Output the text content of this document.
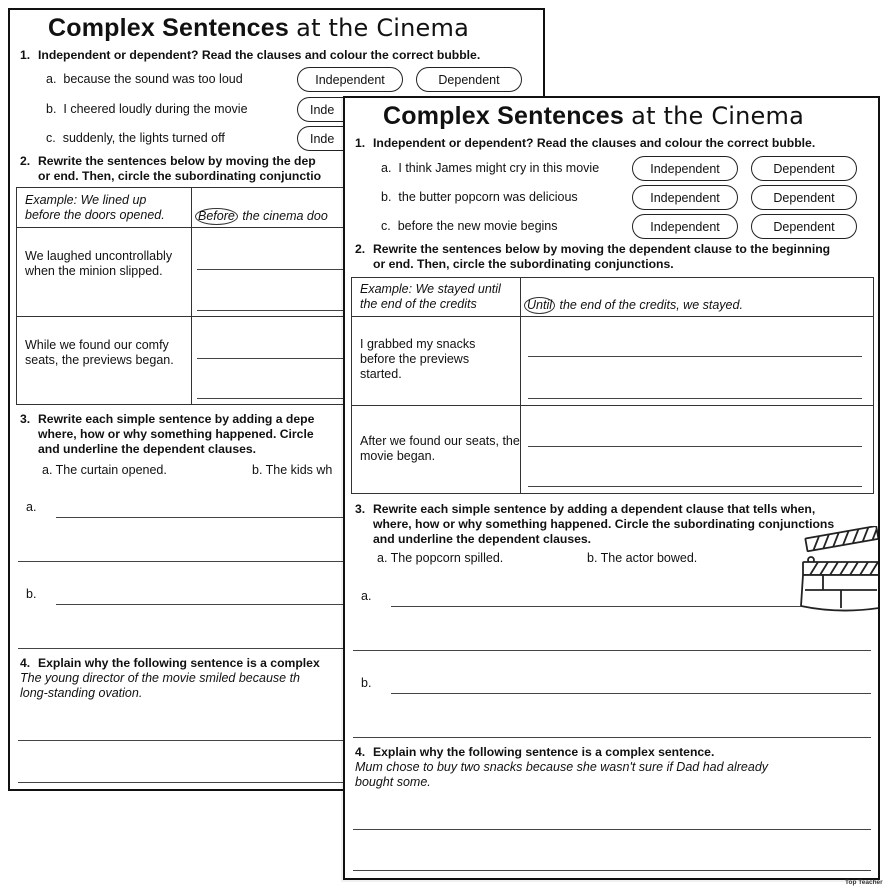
Complex Sentences at the Cinema
1. Independent or dependent? Read the clauses and colour the correct bubble.
a. because the sound was too loud	Independent	Dependent
b. I cheered loudly during the movie	Inde
c. suddenly, the lights turned off	Inde
2. Rewrite the sentences below by moving the dep
or end. Then, circle the subordinating conjunctio
Example: We lined up
before the doors opened.	Before the cinema doo
We laughed uncontrollably when the minion slipped.
While we found our comfy seats, the previews began.
3. Rewrite each simple sentence by adding a depe
where, how or why something happened. Circle
and underline the dependent clauses.
a. The curtain opened.	b. The kids wh
a.
b.
4. Explain why the following sentence is a complex
The young director of the movie smiled because th
long-standing ovation.
Complex Sentences at the Cinema
1. Independent or dependent? Read the clauses and colour the correct bubble.
a. I think James might cry in this movie	Independent	Dependent
b. the butter popcorn was delicious	Independent	Dependent
c. before the new movie begins	Independent	Dependent
2. Rewrite the sentences below by moving the dependent clause to the beginning
or end. Then, circle the subordinating conjunctions.
Example: We stayed until
the end of the credits	Until the end of the credits, we stayed.
I grabbed my snacks before the previews started.
After we found our seats, the movie began.
3. Rewrite each simple sentence by adding a dependent clause that tells when,
where, how or why something happened. Circle the subordinating conjunctions
and underline the dependent clauses.
a. The popcorn spilled.	b. The actor bowed.
a.
b.
4. Explain why the following sentence is a complex sentence.
Mum chose to buy two snacks because she wasn't sure if Dad had already
bought some.
Top Teacher
